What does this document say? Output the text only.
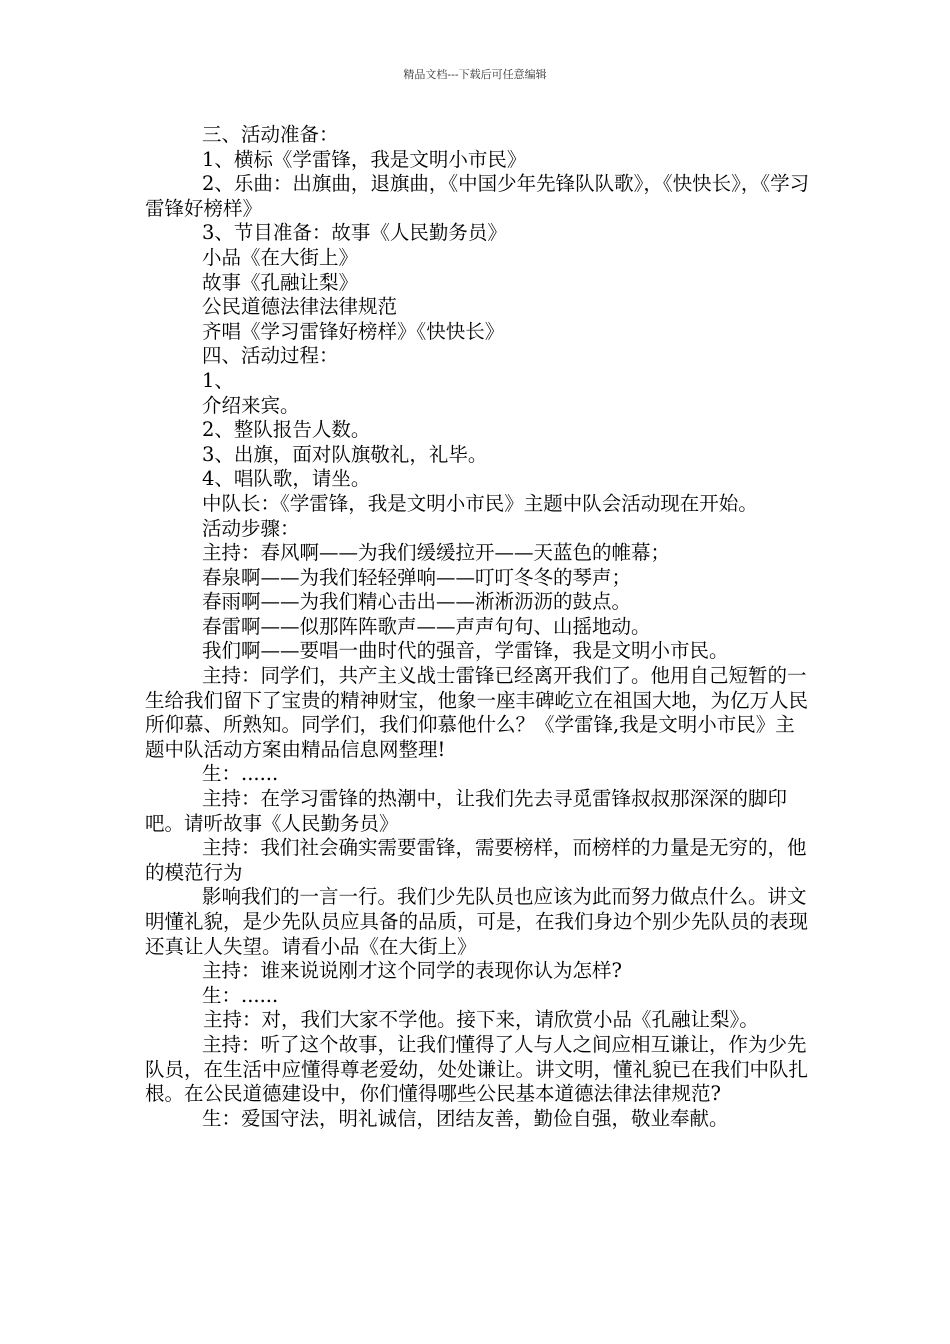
精品文档---下载后可任意编辑

三、活动准备：

1、横标《学雷锋，我是文明小市民》

2、乐曲：出旗曲，退旗曲，《中国少年先锋队队歌》，《快快长》，《学习雷锋好榜样》

3、节目准备：故事《人民勤务员》

小品《在大街上》

故事《孔融让梨》

公民道德法律法律规范

齐唱《学习雷锋好榜样》《快快长》

四、活动过程：

1、

介绍来宾。

2、整队报告人数。

3、出旗，面对队旗敬礼，礼毕。

4、唱队歌，请坐。

中队长：《学雷锋，我是文明小市民》主题中队会活动现在开始。

活动步骤：

主持：春风啊——为我们缓缓拉开——天蓝色的帷幕；

春泉啊——为我们轻轻弹响——叮叮冬冬的琴声；

春雨啊——为我们精心击出——淅淅沥沥的鼓点。

春雷啊——似那阵阵歌声——声声句句、山摇地动。

我们啊——要唱一曲时代的强音，学雷锋，我是文明小市民。

主持：同学们，共产主义战士雷锋已经离开我们了。他用自己短暂的一生给我们留下了宝贵的精神财宝，他象一座丰碑屹立在祖国大地，为亿万人民所仰慕、所熟知。同学们，我们仰慕他什么？《学雷锋,我是文明小市民》主题中队活动方案由精品信息网整理!

生：......

主持：在学习雷锋的热潮中，让我们先去寻觅雷锋叔叔那深深的脚印吧。请听故事《人民勤务员》

主持：我们社会确实需要雷锋，需要榜样，而榜样的力量是无穷的，他的模范行为

影响我们的一言一行。我们少先队员也应该为此而努力做点什么。讲文明懂礼貌，是少先队员应具备的品质，可是，在我们身边个别少先队员的表现还真让人失望。请看小品《在大街上》

主持：谁来说说刚才这个同学的表现你认为怎样?

生：......

主持：对，我们大家不学他。接下来，请欣赏小品《孔融让梨》。

主持：听了这个故事，让我们懂得了人与人之间应相互谦让，作为少先队员，在生活中应懂得尊老爱幼，处处谦让。讲文明，懂礼貌已在我们中队扎根。在公民道德建设中，你们懂得哪些公民基本道德法律法律规范?

生：爱国守法，明礼诚信，团结友善，勤俭自强，敬业奉献。
